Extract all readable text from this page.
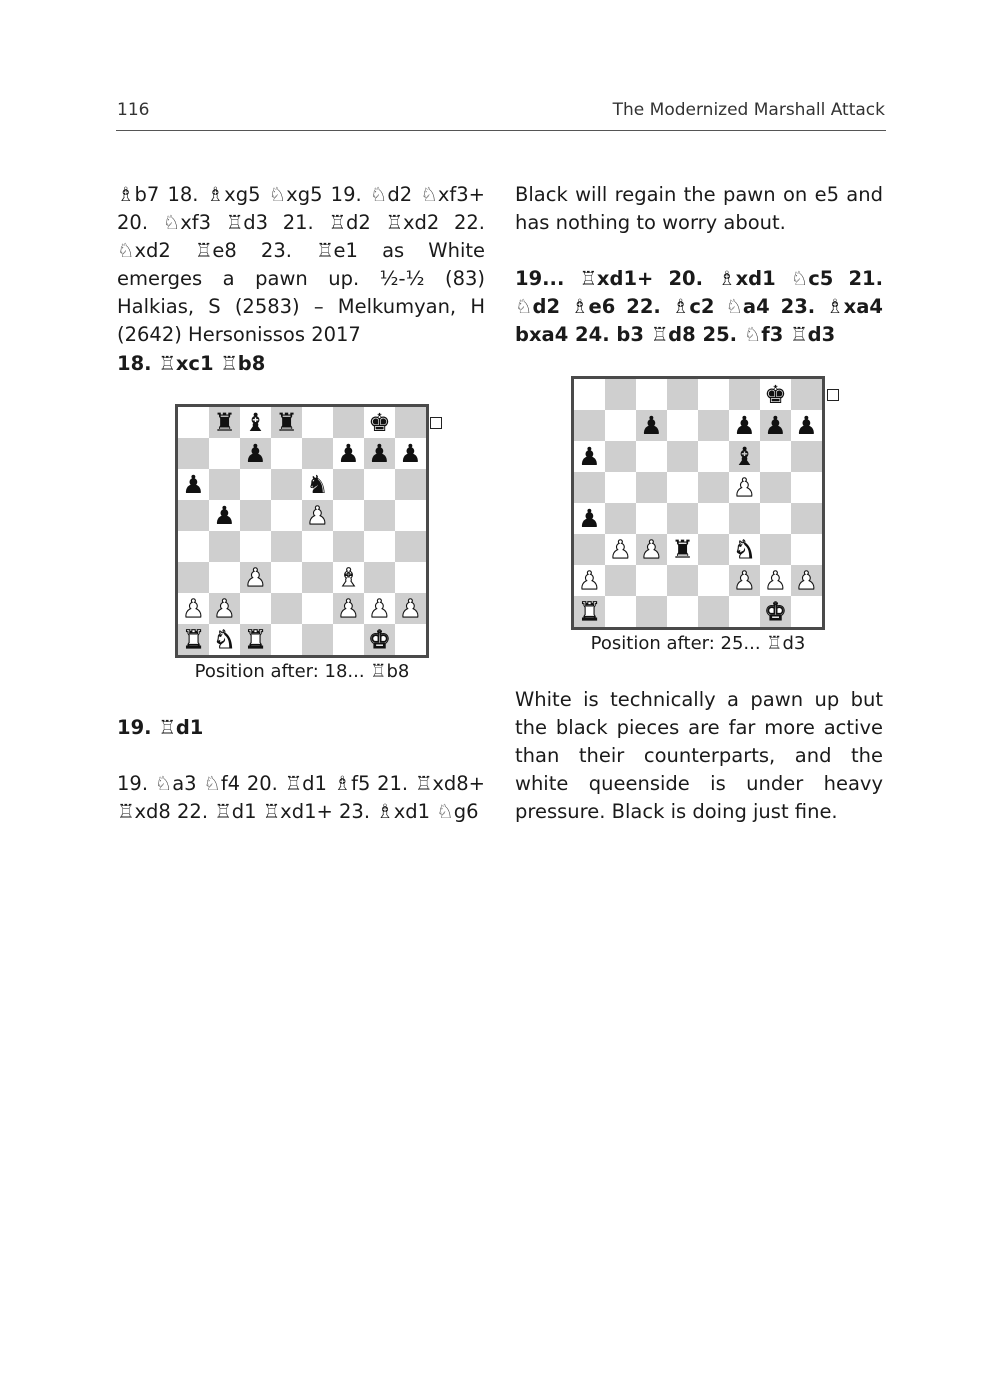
116	The Modernized Marshall Attack

♗b7 18. ♗xg5 ♘xg5 19. ♘d2 ♘xf3+ 20. ♘xf3 ♖d3 21. ♖d2 ♖xd2 22. ♘xd2 ♖e8 23. ♖e1 as White emerges a pawn up. ½-½ (83) Halkias, S (2583) – Melkumyan, H (2642) Hersonissos 2017

18. ♖xc1 ♖b8

♜ ♝ ♜	♚
♟	♟ ♟ ♟
♟	♞
♟	♟
♟	♝
♟ ♟	♟ ♟ ♟
♜ ♞ ♜	♚
Position after: 18... ♖b8

19. ♖d1

19. ♘a3 ♘f4 20. ♖d1 ♗f5 21. ♖xd8+ ♖xd8 22. ♖d1 ♖xd1+ 23. ♗xd1 ♘g6

Black will regain the pawn on e5 and has nothing to worry about.

19... ♖xd1+ 20. ♗xd1 ♘c5 21. ♘d2 ♗e6 22. ♗c2 ♘a4 23. ♗xa4 bxa4 24. b3 ♖d8 25. ♘f3 ♖d3

♚
♟	♟ ♟ ♟
♟	♝
♟
♟
♟ ♟ ♜ ♞
♟	♟ ♟ ♟
♜	♚
Position after: 25... ♖d3

White is technically a pawn up but the black pieces are far more active than their counterparts, and the white queenside is under heavy pressure. Black is doing just fine.
